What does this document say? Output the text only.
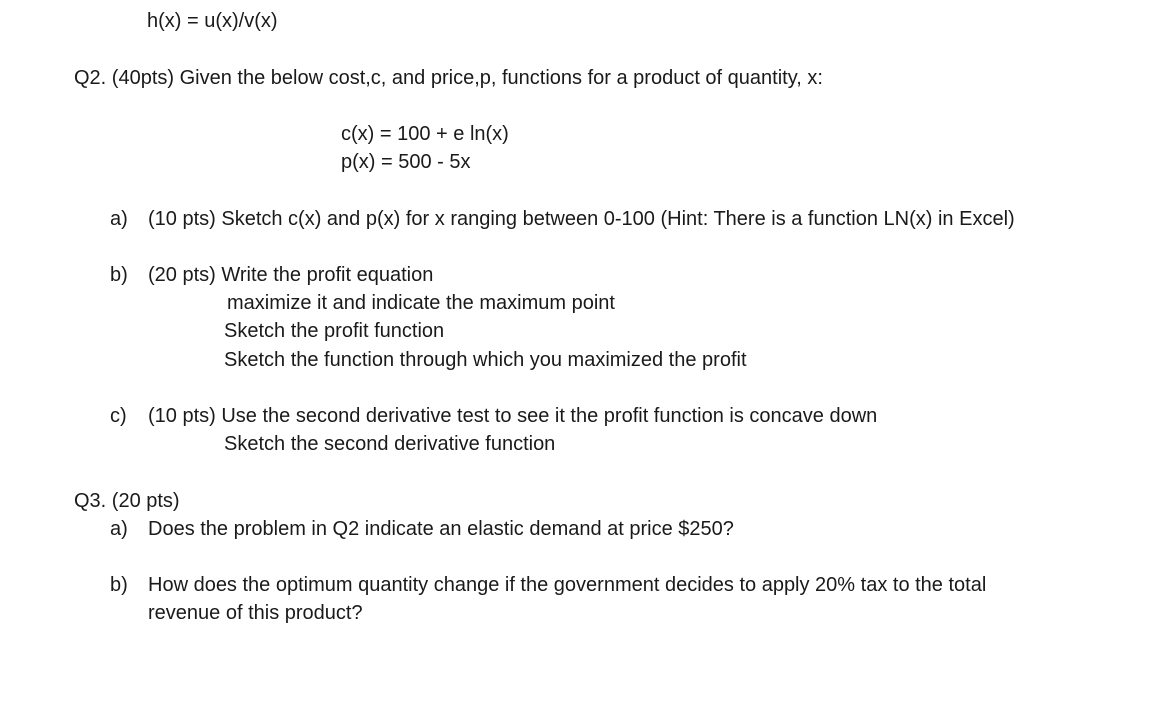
h(x) = u(x)/v(x)
Q2. (40pts) Given the below cost,c, and price,p, functions for a product of quantity, x:
c(x) = 100 + e ln(x)
p(x) = 500 - 5x
a) (10 pts) Sketch c(x) and p(x) for x ranging between 0-100 (Hint: There is a function LN(x) in Excel)
b) (20 pts) Write the profit equation
maximize it and indicate the maximum point
Sketch the profit function
Sketch the function through which you maximized the profit
c) (10 pts) Use the second derivative test to see it the profit function is concave down
Sketch the second derivative function
Q3. (20 pts)
a) Does the problem in Q2 indicate an elastic demand at price $250?
b) How does the optimum quantity change if the government decides to apply 20% tax to the total
revenue of this product?
